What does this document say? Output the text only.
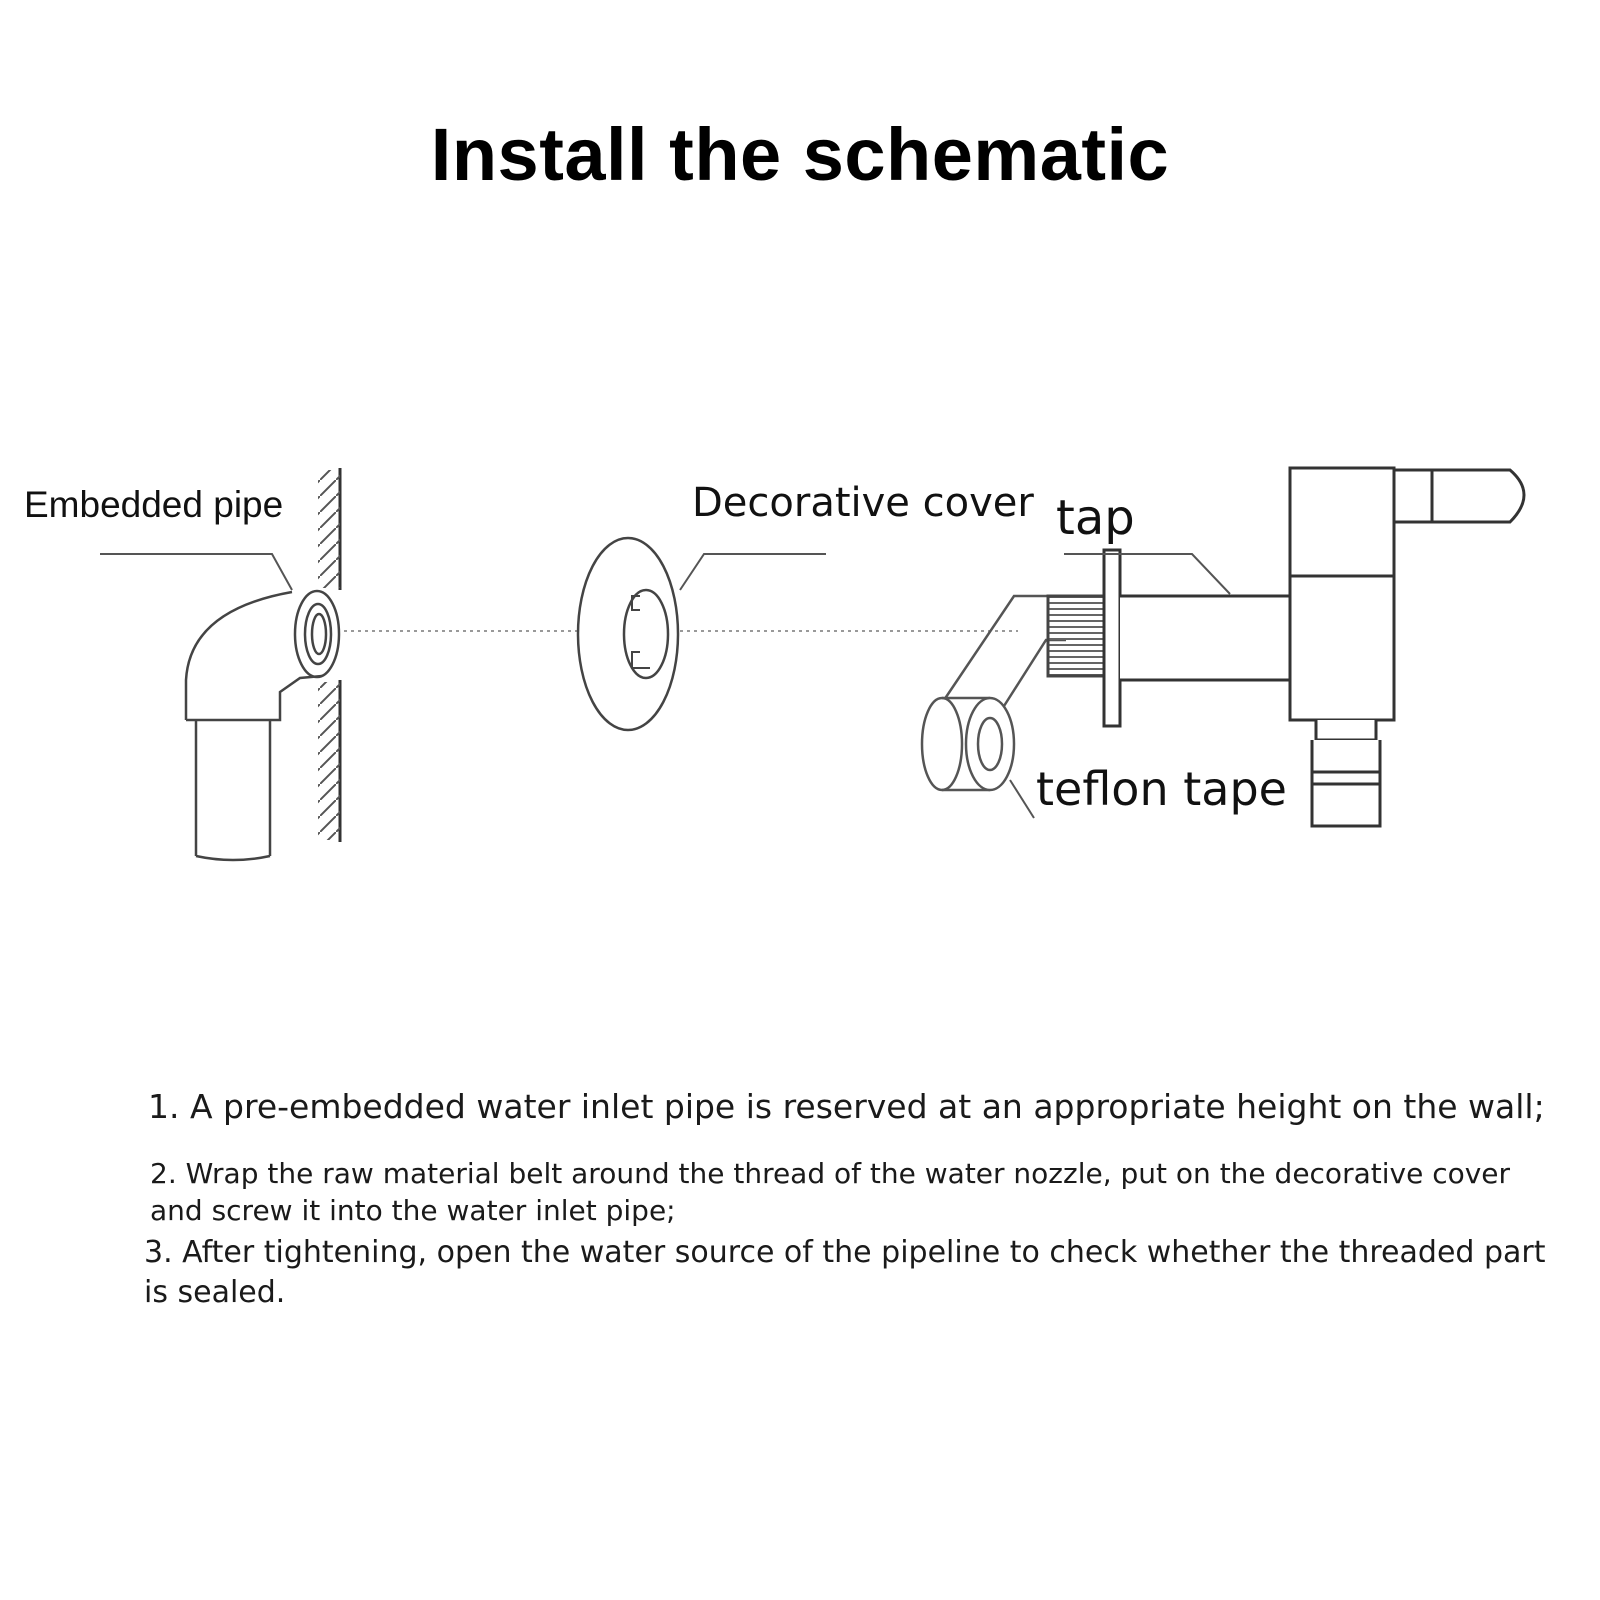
Install the schematic
Embedded pipe	Decorative cover tap
teflon tape
1. A pre-embedded water inlet pipe is reserved at an appropriate height on the wall;
2. Wrap the raw material belt around the thread of the water nozzle, put on the decorative cover and screw it into the water inlet pipe;
3. After tightening, open the water source of the pipeline to check whether the threaded part is sealed.
